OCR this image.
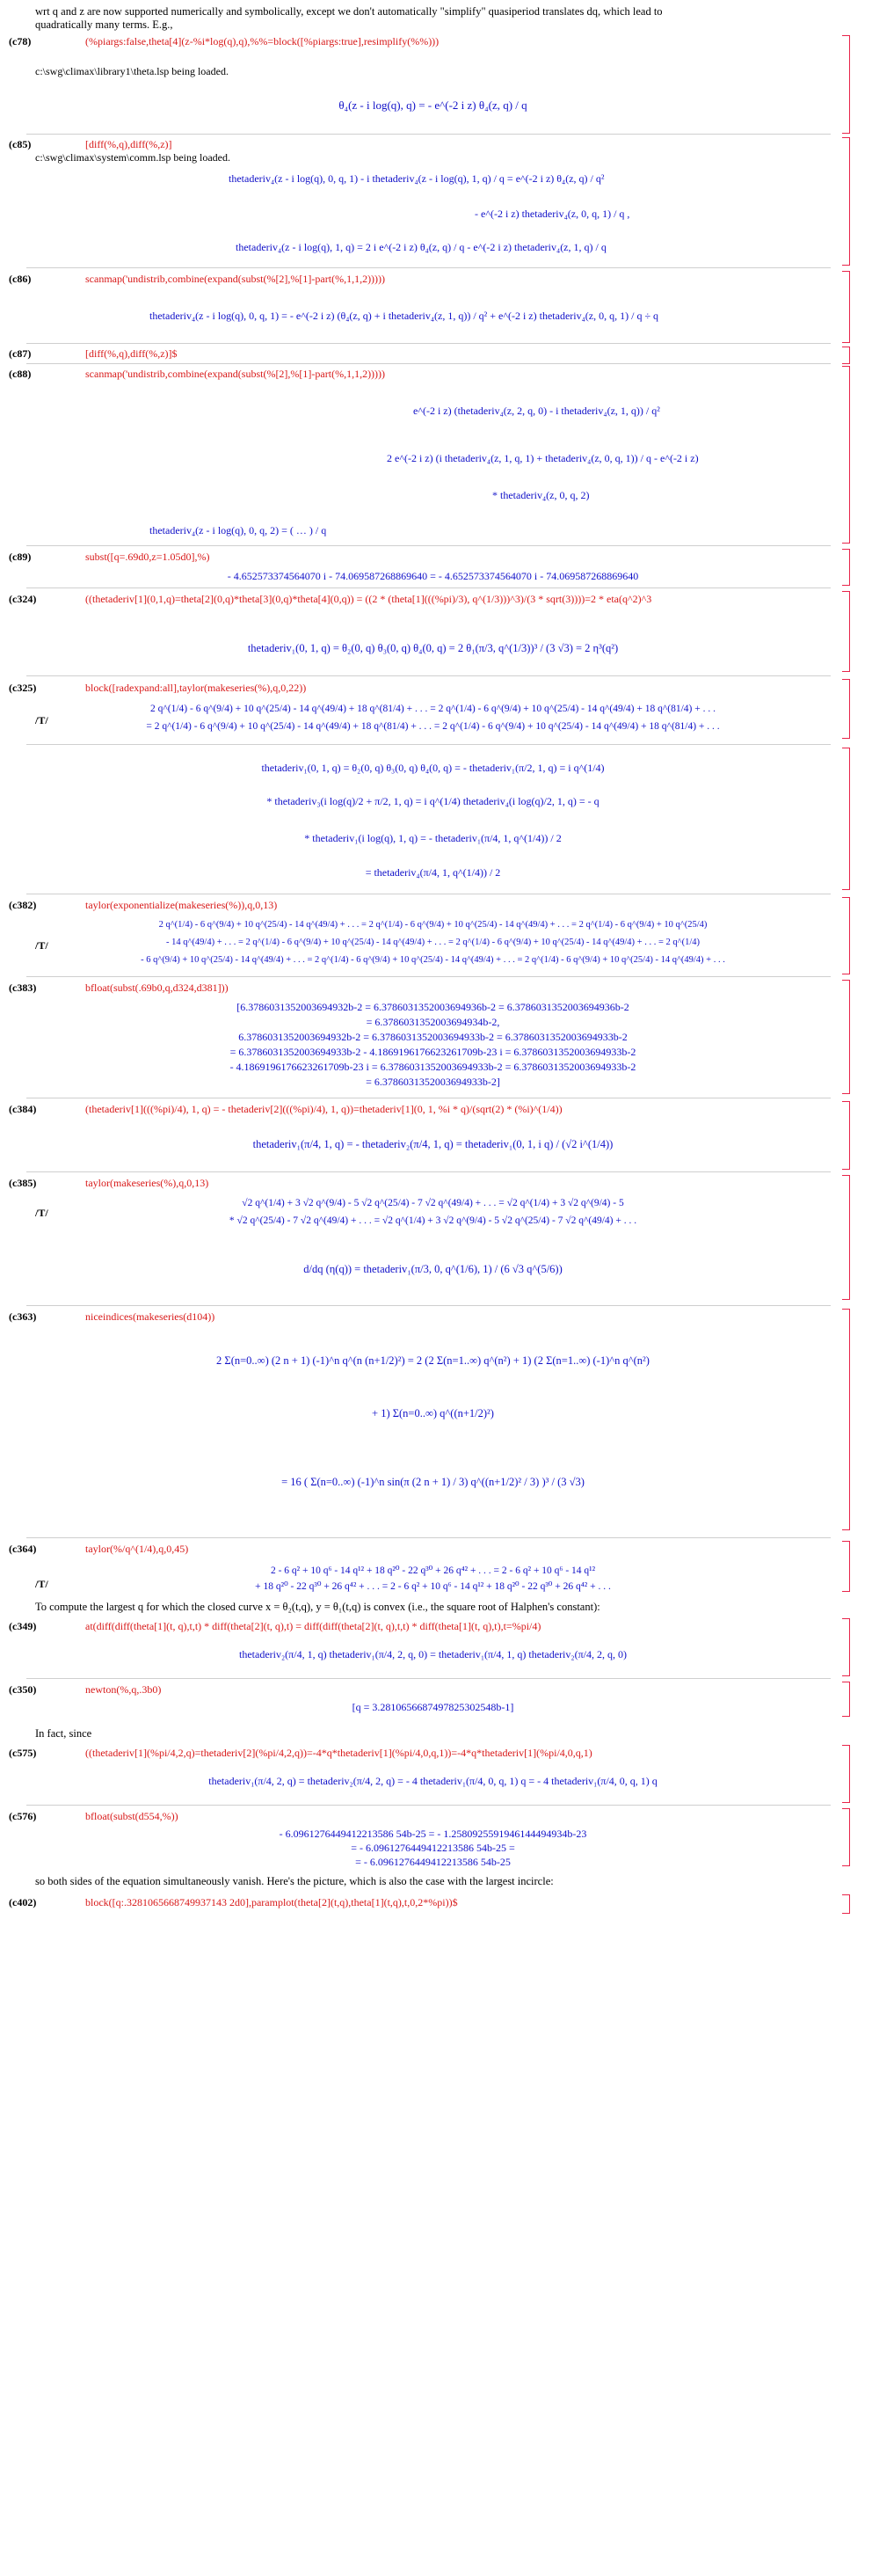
wrt q and z are now supported numerically and symbolically, except we don't automatically "simplify" quasiperiod translates dq, which lead to
quadratically many terms. E.g.,
(c78)	(%piargs:false,theta[4](z-%i*log(q),q),%%=block([%piargs:true],resimplify(%%)))
c:\swg\climax\library1\theta.lsp being loaded.
θ₄(z - i log(q), q) = - e^(-2 i z) θ₄(z, q) / q
(c85)	[diff(%,q),diff(%,z)]
c:\swg\climax\system\comm.lsp being loaded.
thetaderiv₄(z - i log(q), 0, q, 1) - i thetaderiv₄(z - i log(q), 1, q) / q = e^(-2 i z) θ₄(z, q) / q²
- e^(-2 i z) thetaderiv₄(z, 0, q, 1) / q ,
thetaderiv₄(z - i log(q), 1, q) = 2 i e^(-2 i z) θ₄(z, q) / q - e^(-2 i z) thetaderiv₄(z, 1, q) / q
(c86)	scanmap('undistrib,combine(expand(subst(%[2],%[1]-part(%,1,1,2)))))
thetaderiv₄(z - i log(q), 0, q, 1) = - e^(-2 i z) (θ₄(z, q) + i thetaderiv₄(z, 1, q)) / q² + e^(-2 i z) thetaderiv₄(z, 0, q, 1) / q ÷ q
(c87)	[diff(%,q),diff(%,z)]$
(c88)	scanmap('undistrib,combine(expand(subst(%[2],%[1]-part(%,1,1,2)))))
e^(-2 i z) (thetaderiv₄(z, 2, q, 0) - i thetaderiv₄(z, 1, q)) / q²
2 e^(-2 i z) (i thetaderiv₄(z, 1, q, 1) + thetaderiv₄(z, 0, q, 1)) / q - e^(-2 i z)
* thetaderiv₄(z, 0, q, 2)
thetaderiv₄(z - i log(q), 0, q, 2) = ( … ) / q
(c89)	subst([q=.69d0,z=1.05d0],%)
- 4.652573374564070 i - 74.069587268869640 = - 4.652573374564070 i - 74.069587268869640
(c324)	((thetaderiv[1](0,1,q)=theta[2](0,q)*theta[3](0,q)*theta[4](0,q)) = ((2 * (theta[1](((%pi)/3), q^(1/3)))^3)/(3 * sqrt(3))))=2 * eta(q^2)^3
thetaderiv₁(0, 1, q) = θ₂(0, q) θ₃(0, q) θ₄(0, q) = 2 θ₁(π/3, q^(1/3))³ / (3 √3) = 2 η³(q²)
(c325)	block([radexpand:all],taylor(makeseries(%),q,0,22))
/T/
2 q^(1/4) - 6 q^(9/4) + 10 q^(25/4) - 14 q^(49/4) + 18 q^(81/4) + . . . = 2 q^(1/4) - 6 q^(9/4) + 10 q^(25/4) - 14 q^(49/4) + 18 q^(81/4) + . . .
= 2 q^(1/4) - 6 q^(9/4) + 10 q^(25/4) - 14 q^(49/4) + 18 q^(81/4) + . . . = 2 q^(1/4) - 6 q^(9/4) + 10 q^(25/4) - 14 q^(49/4) + 18 q^(81/4) + . . .
thetaderiv₁(0, 1, q) = θ₂(0, q) θ₃(0, q) θ₄(0, q) = - thetaderiv₁(π/2, 1, q) = i q^(1/4)
* thetaderiv₃(i log(q)/2 + π/2, 1, q) = i q^(1/4) thetaderiv₄(i log(q)/2, 1, q) = - q
* thetaderiv₁(i log(q), 1, q) = - thetaderiv₁(π/4, 1, q^(1/4)) / 2
= thetaderiv₄(π/4, 1, q^(1/4)) / 2
(c382)	taylor(exponentialize(makeseries(%)),q,0,13)
/T/
2 q^(1/4) - 6 q^(9/4) + 10 q^(25/4) - 14 q^(49/4) + . . . = 2 q^(1/4) - 6 q^(9/4) + 10 q^(25/4) - 14 q^(49/4) + . . . = 2 q^(1/4) - 6 q^(9/4) + 10 q^(25/4)
- 14 q^(49/4) + . . . = 2 q^(1/4) - 6 q^(9/4) + 10 q^(25/4) - 14 q^(49/4) + . . . = 2 q^(1/4) - 6 q^(9/4) + 10 q^(25/4) - 14 q^(49/4) + . . . = 2 q^(1/4)
- 6 q^(9/4) + 10 q^(25/4) - 14 q^(49/4) + . . . = 2 q^(1/4) - 6 q^(9/4) + 10 q^(25/4) - 14 q^(49/4) + . . . = 2 q^(1/4) - 6 q^(9/4) + 10 q^(25/4) - 14 q^(49/4) + . . .
(c383)	bfloat(subst(.69b0,q,d324,d381]))
[6.3786031352003694932b-2 = 6.3786031352003694936b-2 = 6.3786031352003694936b-2
= 6.3786031352003694934b-2,
6.3786031352003694932b-2 = 6.3786031352003694933b-2 = 6.3786031352003694933b-2
= 6.3786031352003694933b-2 - 4.1869196176623261709b-23 i = 6.3786031352003694933b-2
- 4.1869196176623261709b-23 i = 6.3786031352003694933b-2 = 6.3786031352003694933b-2
= 6.3786031352003694933b-2]
(c384)	(thetaderiv[1](((%pi)/4), 1, q) = - thetaderiv[2](((%pi)/4), 1, q))=thetaderiv[1](0, 1, %i * q)/(sqrt(2) * (%i)^(1/4))
thetaderiv₁(π/4, 1, q) = - thetaderiv₂(π/4, 1, q) = thetaderiv₁(0, 1, i q) / (√2 i^(1/4))
(c385)	taylor(makeseries(%),q,0,13)
/T/
√2 q^(1/4) + 3 √2 q^(9/4) - 5 √2 q^(25/4) - 7 √2 q^(49/4) + . . . = √2 q^(1/4) + 3 √2 q^(9/4) - 5
* √2 q^(25/4) - 7 √2 q^(49/4) + . . . = √2 q^(1/4) + 3 √2 q^(9/4) - 5 √2 q^(25/4) - 7 √2 q^(49/4) + . . .
d/dq (η(q)) = thetaderiv₁(π/3, 0, q^(1/6), 1) / (6 √3 q^(5/6))
(c363)	niceindices(makeseries(d104))
2 Σ(n=0..∞) (2 n + 1) (-1)^n q^(n (n+1/2)²) = 2 (2 Σ(n=1..∞) q^(n²) + 1) (2 Σ(n=1..∞) (-1)^n q^(n²)
+ 1) Σ(n=0..∞) q^((n+1/2)²)
= 16 ( Σ(n=0..∞) (-1)^n sin(π (2 n + 1) / 3) q^((n+1/2)² / 3) )³ / (3 √3)
(c364)	taylor(%/q^(1/4),q,0,45)
/T/
2 - 6 q² + 10 q⁶ - 14 q¹² + 18 q²⁰ - 22 q³⁰ + 26 q⁴² + . . . = 2 - 6 q² + 10 q⁶ - 14 q¹²
+ 18 q²⁰ - 22 q³⁰ + 26 q⁴² + . . . = 2 - 6 q² + 10 q⁶ - 14 q¹² + 18 q²⁰ - 22 q³⁰ + 26 q⁴² + . . .
To compute the largest q for which the closed curve x = θ₂(t,q), y = θ₁(t,q) is convex (i.e., the square root of Halphen's constant):
(c349)	at(diff(diff(theta[1](t, q),t,t) * diff(theta[2](t, q),t) = diff(diff(theta[2](t, q),t,t) * diff(theta[1](t, q),t),t=%pi/4)
thetaderiv₂(π/4, 1, q) thetaderiv₁(π/4, 2, q, 0) = thetaderiv₁(π/4, 1, q) thetaderiv₂(π/4, 2, q, 0)
(c350)	newton(%,q,.3b0)
[q = 3.2810656687497825302548b-1]
In fact, since
(c575)	((thetaderiv[1](%pi/4,2,q)=thetaderiv[2](%pi/4,2,q))=-4*q*thetaderiv[1](%pi/4,0,q,1))=-4*q*thetaderiv[1](%pi/4,0,q,1)
thetaderiv₁(π/4, 2, q) = thetaderiv₂(π/4, 2, q) = - 4 thetaderiv₁(π/4, 0, q, 1) q = - 4 thetaderiv₁(π/4, 0, q, 1) q
(c576)	bfloat(subst(d554,%))
- 6.0961276449412213586 54b-25 = - 1.2580925591946144494934b-23
= - 6.0961276449412213586 54b-25 =
= - 6.0961276449412213586 54b-25
so both sides of the equation simultaneously vanish. Here's the picture, which is also the case with the largest incircle:
(c402)	block([q:.3281065668749937143 2d0],paramplot(theta[2](t,q),theta[1](t,q),t,0,2*%pi))$
